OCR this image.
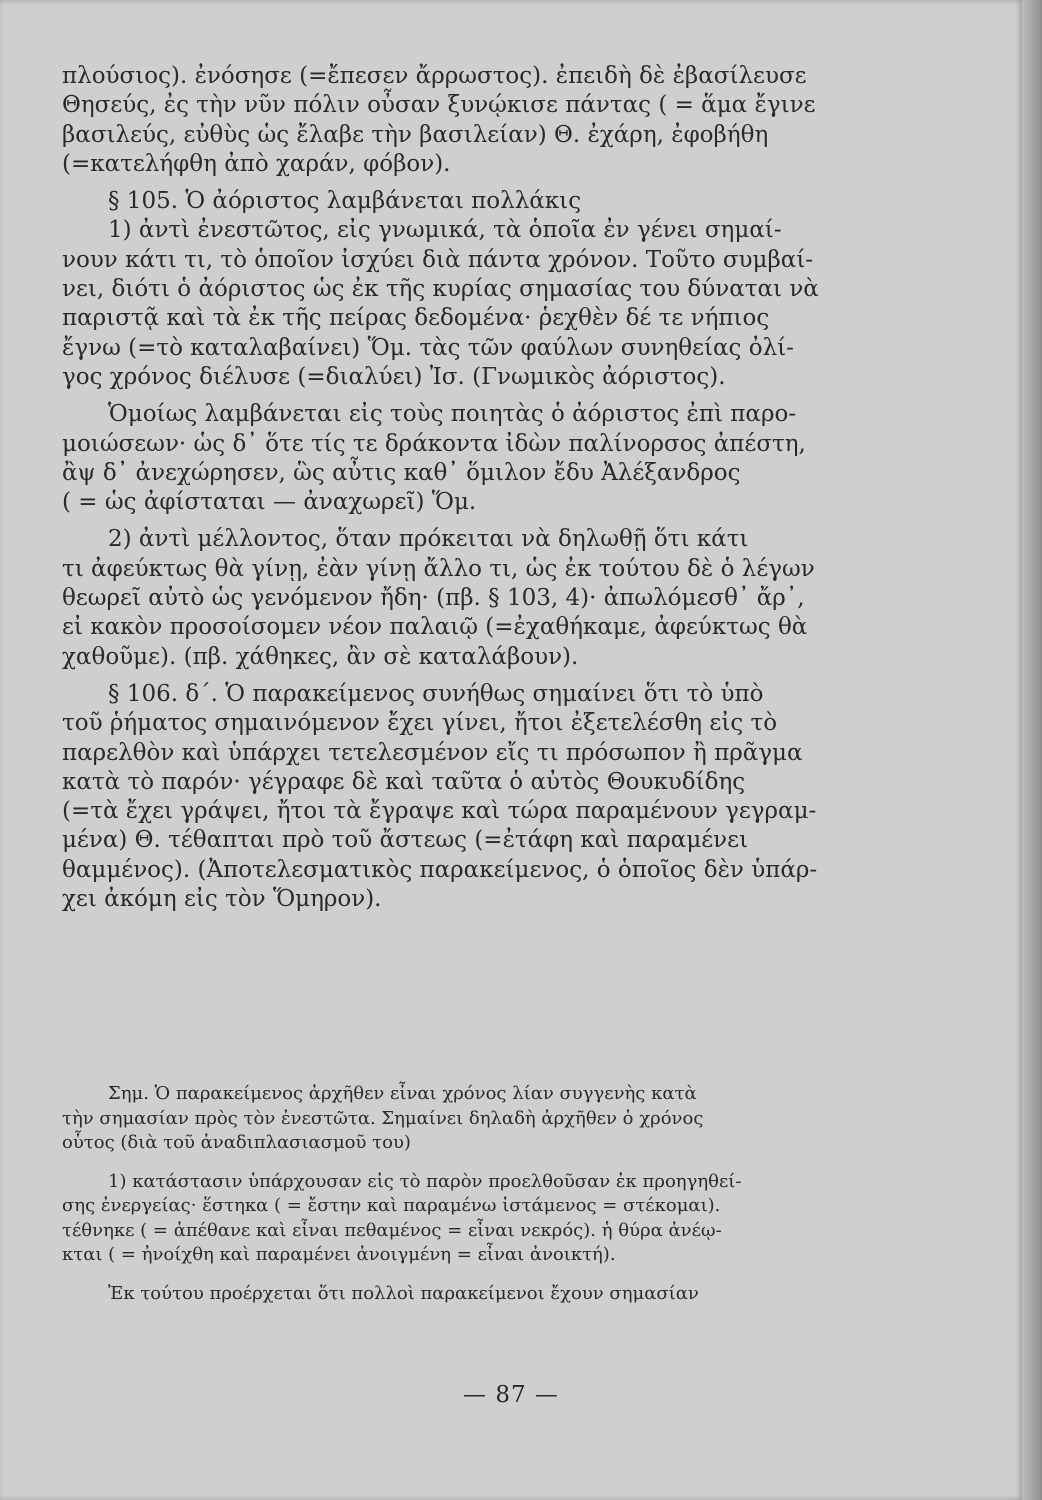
πλούσιος). ἐνόσησε (=ἔπεσεν ἄρρωστος). ἐπειδὴ δὲ ἐβασίλευσε

Θησεύς, ἐς τὴν νῦν πόλιν οὖσαν ξυνῴκισε πάντας ( = ἅμα ἔγινε

βασιλεύς, εὐθὺς ὡς ἔλαβε τὴν βασιλείαν) Θ. ἐχάρη, ἐφοβήθη

(=κατελήφθη ἀπὸ χαράν, φόβον).

§ 105. Ὁ ἀόριστος λαμβάνεται πολλάκις

1) ἀντὶ ἐνεστῶτος, εἰς γνωμικά, τὰ ὁποῖα ἐν γένει σημαί-

νουν κάτι τι, τὸ ὁποῖον ἰσχύει διὰ πάντα χρόνον. Τοῦτο συμβαί-

νει, διότι ὁ ἀόριστος ὡς ἐκ τῆς κυρίας σημασίας του δύναται νὰ

παριστᾷ καὶ τὰ ἐκ τῆς πείρας δεδομένα· ῥεχθὲν δέ τε νήπιος

ἔγνω (=τὸ καταλαβαίνει) Ὅμ. τὰς τῶν φαύλων συνηθείας ὀλί-

γος χρόνος διέλυσε (=διαλύει) Ἰσ. (Γνωμικὸς ἀόριστος).

Ὁμοίως λαμβάνεται εἰς τοὺς ποιητὰς ὁ ἀόριστος ἐπὶ παρο-

μοιώσεων· ὡς δ᾽ ὅτε τίς τε δράκοντα ἰδὼν παλίνορσος ἀπέστη,

ἂψ δ᾽ ἀνεχώρησεν, ὣς αὖτις καθ᾽ ὅμιλον ἔδυ Ἀλέξανδρος

( = ὡς ἀφίσταται — ἀναχωρεῖ) Ὅμ.

2) ἀντὶ μέλλοντος, ὅταν πρόκειται νὰ δηλωθῇ ὅτι κάτι

τι ἀφεύκτως θὰ γίνῃ, ἐὰν γίνῃ ἄλλο τι, ὡς ἐκ τούτου δὲ ὁ λέγων

θεωρεῖ αὐτὸ ὡς γενόμενον ἤδη· (πβ. § 103, 4)· ἀπωλόμεσθ᾽ ἄρ᾽,

εἰ κακὸν προσοίσομεν νέον παλαιῷ (=ἐχαθήκαμε, ἀφεύκτως θὰ

χαθοῦμε). (πβ. χάθηκες, ἂν σὲ καταλάβουν).

§ 106. δ΄. Ὁ παρακείμενος συνήθως σημαίνει ὅτι τὸ ὑπὸ

τοῦ ῥήματος σημαινόμενον ἔχει γίνει, ἤτοι ἐξετελέσθη εἰς τὸ

παρελθὸν καὶ ὑπάρχει τετελεσμένον εἴς τι πρόσωπον ἢ πρᾶγμα

κατὰ τὸ παρόν· γέγραφε δὲ καὶ ταῦτα ὁ αὐτὸς Θουκυδίδης

(=τὰ ἔχει γράψει, ἤτοι τὰ ἔγραψε καὶ τώρα παραμένουν γεγραμ-

μένα) Θ. τέθαπται πρὸ τοῦ ἄστεως (=ἐτάφη καὶ παραμένει

θαμμένος). (Ἀποτελεσματικὸς παρακείμενος, ὁ ὁποῖος δὲν ὑπάρ-

χει ἀκόμη εἰς τὸν Ὅμηρον).

Σημ. Ὁ παρακείμενος ἀρχῆθεν εἶναι χρόνος λίαν συγγενὴς κατὰ

τὴν σημασίαν πρὸς τὸν ἐνεστῶτα. Σημαίνει δηλαδὴ ἀρχῆθεν ὁ χρόνος

οὗτος (διὰ τοῦ ἀναδιπλασιασμοῦ του)

1) κατάστασιν ὑπάρχουσαν εἰς τὸ παρὸν προελθοῦσαν ἐκ προηγηθεί-

σης ἐνεργείας· ἕστηκα ( = ἔστην καὶ παραμένω ἱστάμενος = στέκομαι).

τέθνηκε ( = ἀπέθανε καὶ εἶναι πεθαμένος = εἶναι νεκρός). ἡ θύρα ἀνέῳ-

κται ( = ἠνοίχθη καὶ παραμένει ἀνοιγμένη = εἶναι ἀνοικτή).

Ἐκ τούτου προέρχεται ὅτι πολλοὶ παρακείμενοι ἔχουν σημασίαν

— 87 —
